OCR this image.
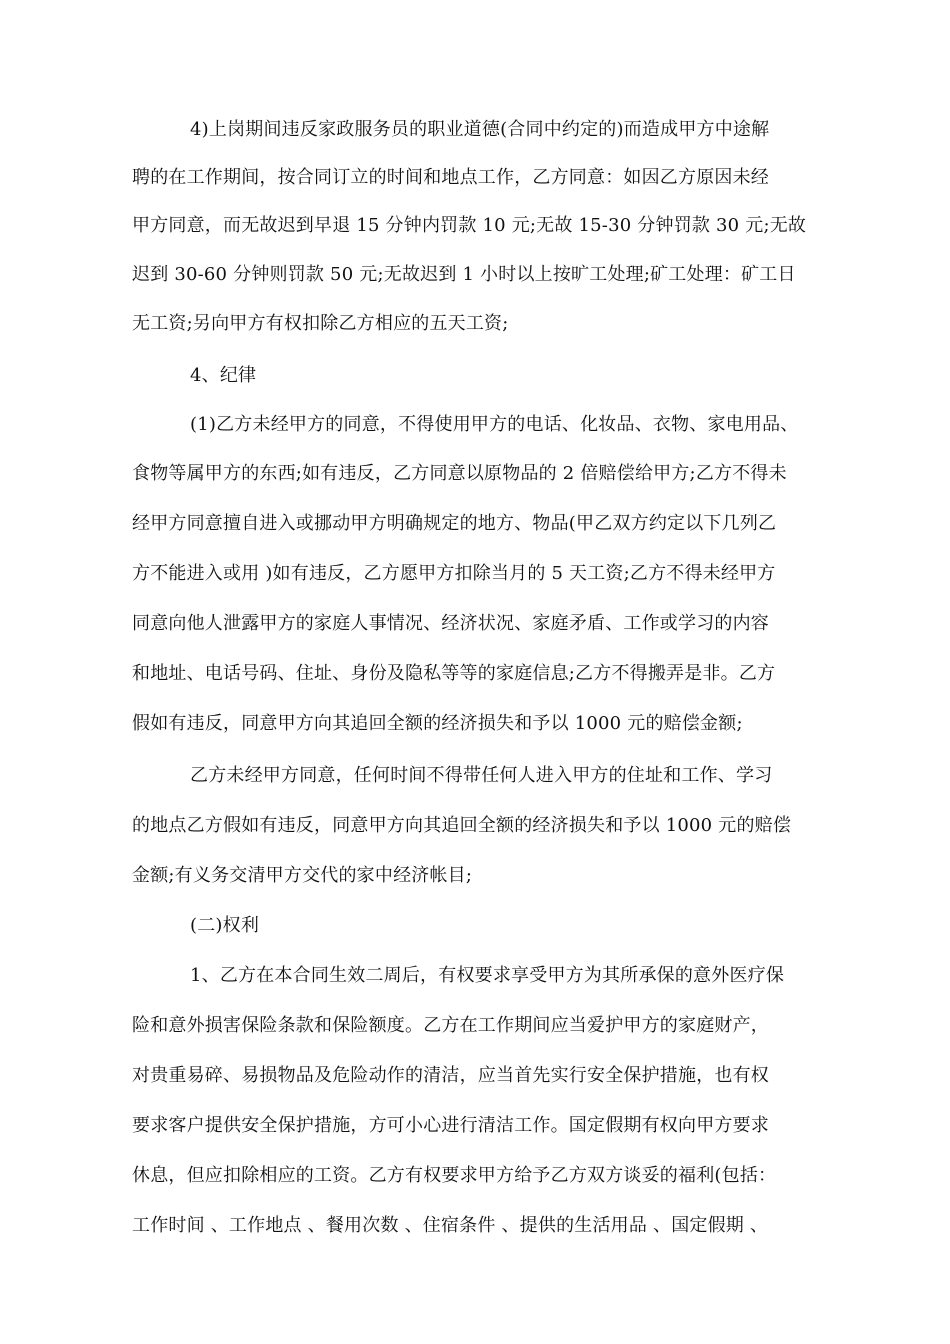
4)上岗期间违反家政服务员的职业道德(合同中约定的)而造成甲方中途解
聘的在工作期间，按合同订立的时间和地点工作，乙方同意：如因乙方原因未经
甲方同意，而无故迟到早退 15 分钟内罚款 10 元;无故 15-30 分钟罚款 30 元;无故
迟到 30-60 分钟则罚款 50 元;无故迟到 1 小时以上按旷工处理;矿工处理：矿工日
无工资;另向甲方有权扣除乙方相应的五天工资;
4、纪律
(1)乙方未经甲方的同意，不得使用甲方的电话、化妆品、衣物、家电用品、
食物等属甲方的东西;如有违反，乙方同意以原物品的 2 倍赔偿给甲方;乙方不得未
经甲方同意擅自进入或挪动甲方明确规定的地方、物品(甲乙双方约定以下几列乙
方不能进入或用 )如有违反，乙方愿甲方扣除当月的 5 天工资;乙方不得未经甲方
同意向他人泄露甲方的家庭人事情况、经济状况、家庭矛盾、工作或学习的内容
和地址、电话号码、住址、身份及隐私等等的家庭信息;乙方不得搬弄是非。乙方
假如有违反，同意甲方向其追回全额的经济损失和予以 1000 元的赔偿金额;
乙方未经甲方同意，任何时间不得带任何人进入甲方的住址和工作、学习
的地点乙方假如有违反，同意甲方向其追回全额的经济损失和予以 1000 元的赔偿
金额;有义务交清甲方交代的家中经济帐目;
(二)权利
1、乙方在本合同生效二周后，有权要求享受甲方为其所承保的意外医疗保
险和意外损害保险条款和保险额度。乙方在工作期间应当爱护甲方的家庭财产，
对贵重易碎、易损物品及危险动作的清洁，应当首先实行安全保护措施，也有权
要求客户提供安全保护措施，方可小心进行清洁工作。国定假期有权向甲方要求
休息，但应扣除相应的工资。乙方有权要求甲方给予乙方双方谈妥的福利(包括：
工作时间 、工作地点 、餐用次数 、住宿条件 、提供的生活用品 、国定假期 、
